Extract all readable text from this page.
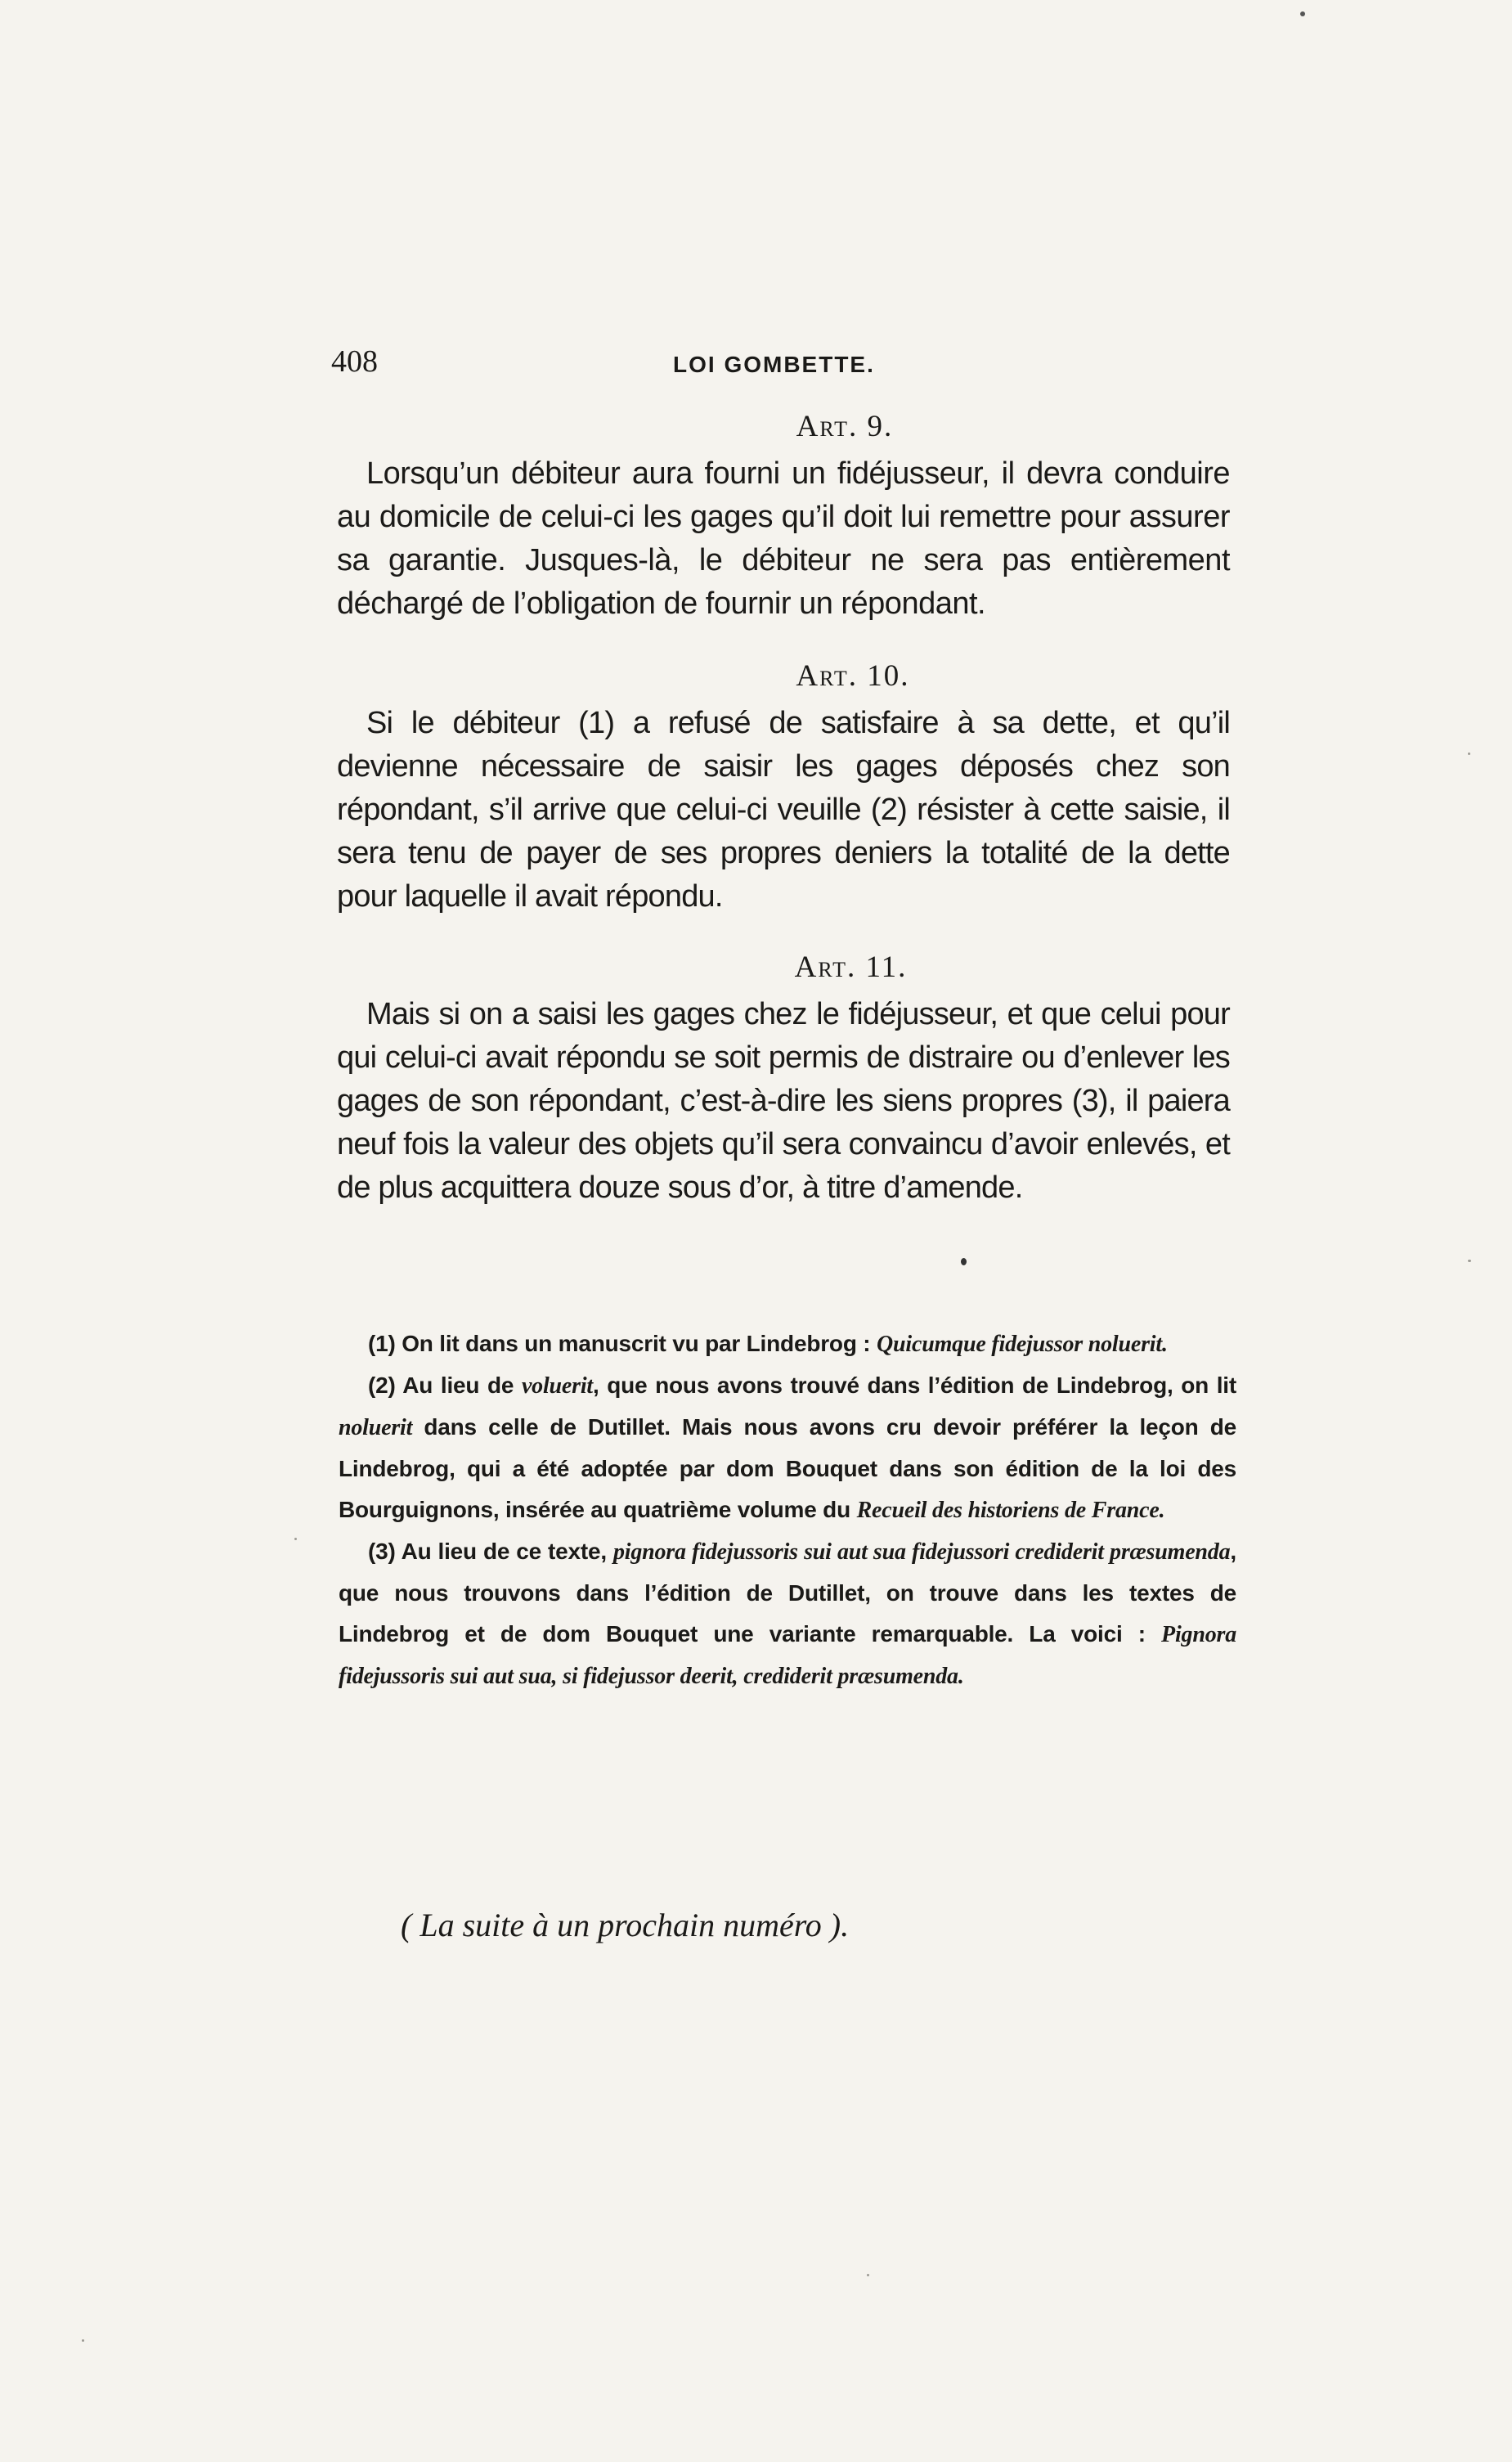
408	LOI GOMBETTE.
Art. 9.

Lorsqu’un débiteur aura fourni un fidéjusseur, il devra conduire au domicile de celui-ci les gages qu’il doit lui remettre pour assurer sa garantie. Jusques-là, le débiteur ne sera pas entièrement déchargé de l’obligation de fournir un répondant.

Art. 10.

Si le débiteur (1) a refusé de satisfaire à sa dette, et qu’il devienne nécessaire de saisir les gages déposés chez son répondant, s’il arrive que celui-ci veuille (2) résister à cette saisie, il sera tenu de payer de ses propres deniers la totalité de la dette pour laquelle il avait répondu.

Art. 11.

Mais si on a saisi les gages chez le fidéjusseur, et que celui pour qui celui-ci avait répondu se soit permis de distraire ou d’enlever les gages de son répondant, c’est-à-dire les siens propres (3), il paiera neuf fois la valeur des objets qu’il sera convaincu d’avoir enlevés, et de plus acquittera douze sous d’or, à titre d’amende.

(1) On lit dans un manuscrit vu par Lindebrog : Quicumque fidejussor noluerit.

(2) Au lieu de voluerit, que nous avons trouvé dans l’édition de Lindebrog, on lit noluerit dans celle de Dutillet. Mais nous avons cru devoir préférer la leçon de Lindebrog, qui a été adoptée par dom Bouquet dans son édition de la loi des Bourguignons, insérée au quatrième volume du Recueil des historiens de France.

(3) Au lieu de ce texte, pignora fidejussoris sui aut sua fidejussori crediderit præsumenda, que nous trouvons dans l’édition de Dutillet, on trouve dans les textes de Lindebrog et de dom Bouquet une variante remarquable. La voici : Pignora fidejussoris sui aut sua, si fidejussor deerit, crediderit præsumenda.

( La suite à un prochain numéro ).
